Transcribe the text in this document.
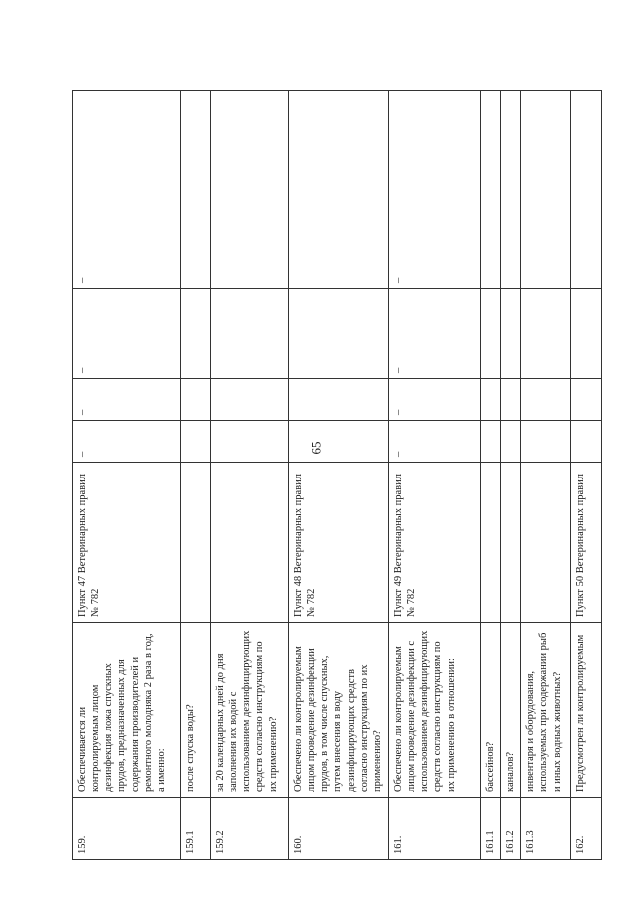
65
159.	Обеспечивается ли контролируемым лицом дезинфекция ложа спускных прудов, предназначенных для содержания производителей и ремонтного молодняка 2 раза в год, а именно:	Пункт 47 Ветеринарных правил № 782	–	–	–	–
159.1	после спуска воды?					
159.2	за 20 календарных дней до дня заполнения их водой с использованием дезинфицирующих средств согласно инструкциям по их применению?					
160.	Обеспечено ли контролируемым лицом проведение дезинфекции прудов, в том числе спускных, путем внесения в воду дезинфицирующих средств согласно инструкциям по их применению?	Пункт 48 Ветеринарных правил № 782				
161.	Обеспечено ли контролируемым лицом проведение дезинфекции с использованием дезинфицирующих средств согласно инструкциям по их применению в отношении:	Пункт 49 Ветеринарных правил № 782	–	–	–	–
161.1	бассейнов?					
161.2	каналов?					
161.3	инвентаря и оборудования, используемых при содержании рыб и иных водных животных?					
162.	Предусмотрен ли контролируемым	Пункт 50 Ветеринарных правил				
